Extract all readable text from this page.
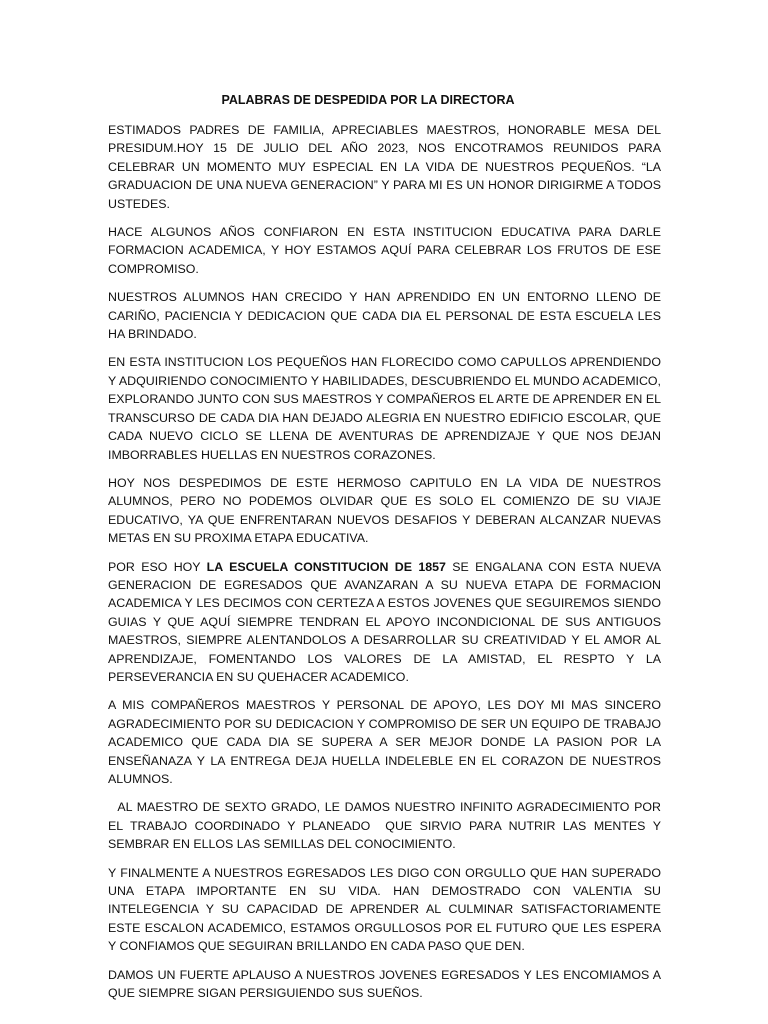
PALABRAS DE DESPEDIDA POR LA DIRECTORA

ESTIMADOS PADRES DE FAMILIA, APRECIABLES MAESTROS, HONORABLE MESA DEL PRESIDUM.HOY 15 DE JULIO DEL AÑO 2023, NOS ENCOTRAMOS REUNIDOS PARA CELEBRAR UN MOMENTO MUY ESPECIAL EN LA VIDA DE NUESTROS PEQUEÑOS. “LA GRADUACION DE UNA NUEVA GENERACION” Y PARA MI ES UN HONOR DIRIGIRME A TODOS USTEDES.

HACE ALGUNOS AÑOS CONFIARON EN ESTA INSTITUCION EDUCATIVA PARA DARLE FORMACION ACADEMICA, Y HOY ESTAMOS AQUÍ PARA CELEBRAR LOS FRUTOS DE ESE COMPROMISO.

NUESTROS ALUMNOS HAN CRECIDO Y HAN APRENDIDO EN UN ENTORNO LLENO DE CARIÑO, PACIENCIA Y DEDICACION QUE CADA DIA EL PERSONAL DE ESTA ESCUELA LES HA BRINDADO.

EN ESTA INSTITUCION LOS PEQUEÑOS HAN FLORECIDO COMO CAPULLOS APRENDIENDO Y ADQUIRIENDO CONOCIMIENTO Y HABILIDADES, DESCUBRIENDO EL MUNDO ACADEMICO, EXPLORANDO JUNTO CON SUS MAESTROS Y COMPAÑEROS EL ARTE DE APRENDER EN EL TRANSCURSO DE CADA DIA HAN DEJADO ALEGRIA EN NUESTRO EDIFICIO ESCOLAR, QUE CADA NUEVO CICLO SE LLENA DE AVENTURAS DE APRENDIZAJE Y QUE NOS DEJAN IMBORRABLES HUELLAS EN NUESTROS CORAZONES.

HOY NOS DESPEDIMOS DE ESTE HERMOSO CAPITULO EN LA VIDA DE NUESTROS ALUMNOS, PERO NO PODEMOS OLVIDAR QUE ES SOLO EL COMIENZO DE SU VIAJE EDUCATIVO, YA QUE ENFRENTARAN NUEVOS DESAFIOS Y DEBERAN ALCANZAR NUEVAS METAS EN SU PROXIMA ETAPA EDUCATIVA.

POR ESO HOY LA ESCUELA CONSTITUCION DE 1857 SE ENGALANA CON ESTA NUEVA GENERACION DE EGRESADOS QUE AVANZARAN A SU NUEVA ETAPA DE FORMACION ACADEMICA Y LES DECIMOS CON CERTEZA A ESTOS JOVENES QUE SEGUIREMOS SIENDO GUIAS Y QUE AQUÍ SIEMPRE TENDRAN EL APOYO INCONDICIONAL DE SUS ANTIGUOS MAESTROS, SIEMPRE ALENTANDOLOS A DESARROLLAR SU CREATIVIDAD Y EL AMOR AL APRENDIZAJE, FOMENTANDO LOS VALORES DE LA AMISTAD, EL RESPTO Y LA PERSEVERANCIA EN SU QUEHACER ACADEMICO.

A MIS COMPAÑEROS MAESTROS Y PERSONAL DE APOYO, LES DOY MI MAS SINCERO AGRADECIMIENTO POR SU DEDICACION Y COMPROMISO DE SER UN EQUIPO DE TRABAJO ACADEMICO QUE CADA DIA SE SUPERA A SER MEJOR DONDE LA PASION POR LA ENSEÑANAZA Y LA ENTREGA DEJA HUELLA INDELEBLE EN EL CORAZON DE NUESTROS ALUMNOS.

AL MAESTRO DE SEXTO GRADO, LE DAMOS NUESTRO INFINITO AGRADECIMIENTO POR EL TRABAJO COORDINADO Y PLANEADO  QUE SIRVIO PARA NUTRIR LAS MENTES Y SEMBRAR EN ELLOS LAS SEMILLAS DEL CONOCIMIENTO.

Y FINALMENTE A NUESTROS EGRESADOS LES DIGO CON ORGULLO QUE HAN SUPERADO UNA ETAPA IMPORTANTE EN SU VIDA. HAN DEMOSTRADO CON VALENTIA SU INTELEGENCIA Y SU CAPACIDAD DE APRENDER AL CULMINAR SATISFACTORIAMENTE ESTE ESCALON ACADEMICO, ESTAMOS ORGULLOSOS POR EL FUTURO QUE LES ESPERA Y CONFIAMOS QUE SEGUIRAN BRILLANDO EN CADA PASO QUE DEN.

DAMOS UN FUERTE APLAUSO A NUESTROS JOVENES EGRESADOS Y LES ENCOMIAMOS A QUE SIEMPRE SIGAN PERSIGUIENDO SUS SUEÑOS.
